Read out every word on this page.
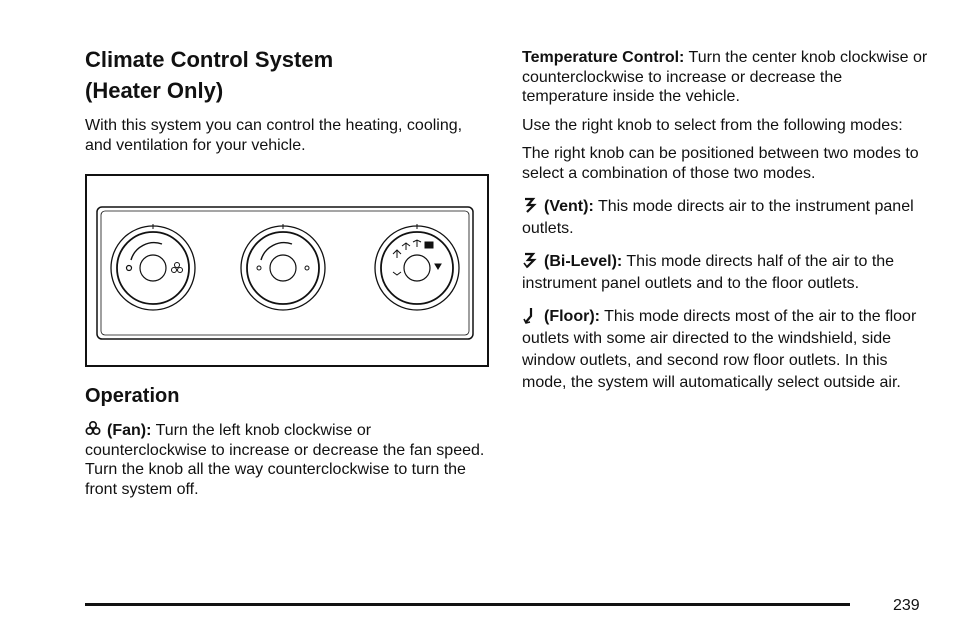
Climate Control System
(Heater Only)

With this system you can control the heating, cooling, and ventilation for your vehicle.

Operation

(Fan): Turn the left knob clockwise or counterclockwise to increase or decrease the fan speed. Turn the knob all the way counterclockwise to turn the front system off.

Temperature Control: Turn the center knob clockwise or counterclockwise to increase or decrease the temperature inside the vehicle.

Use the right knob to select from the following modes:

The right knob can be positioned between two modes to select a combination of those two modes.

(Vent): This mode directs air to the instrument panel outlets.

(Bi-Level): This mode directs half of the air to the instrument panel outlets and to the floor outlets.

(Floor): This mode directs most of the air to the floor outlets with some air directed to the windshield, side window outlets, and second row floor outlets. In this mode, the system will automatically select outside air.

239
